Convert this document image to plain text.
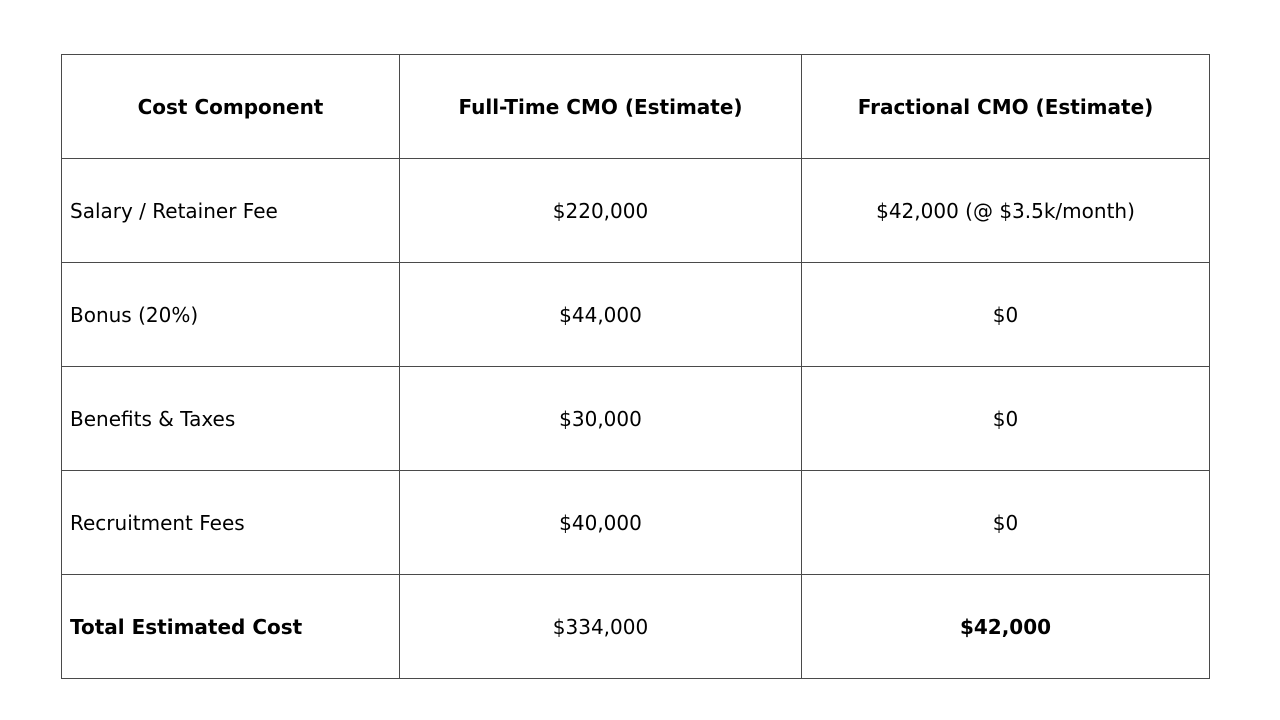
Cost Component	Full-Time CMO (Estimate)	Fractional CMO (Estimate)
Salary / Retainer Fee	$220,000	$42,000 (@ $3.5k/month)
Bonus (20%)	$44,000	$0
Benefits & Taxes	$30,000	$0
Recruitment Fees	$40,000	$0
Total Estimated Cost	$334,000	$42,000
